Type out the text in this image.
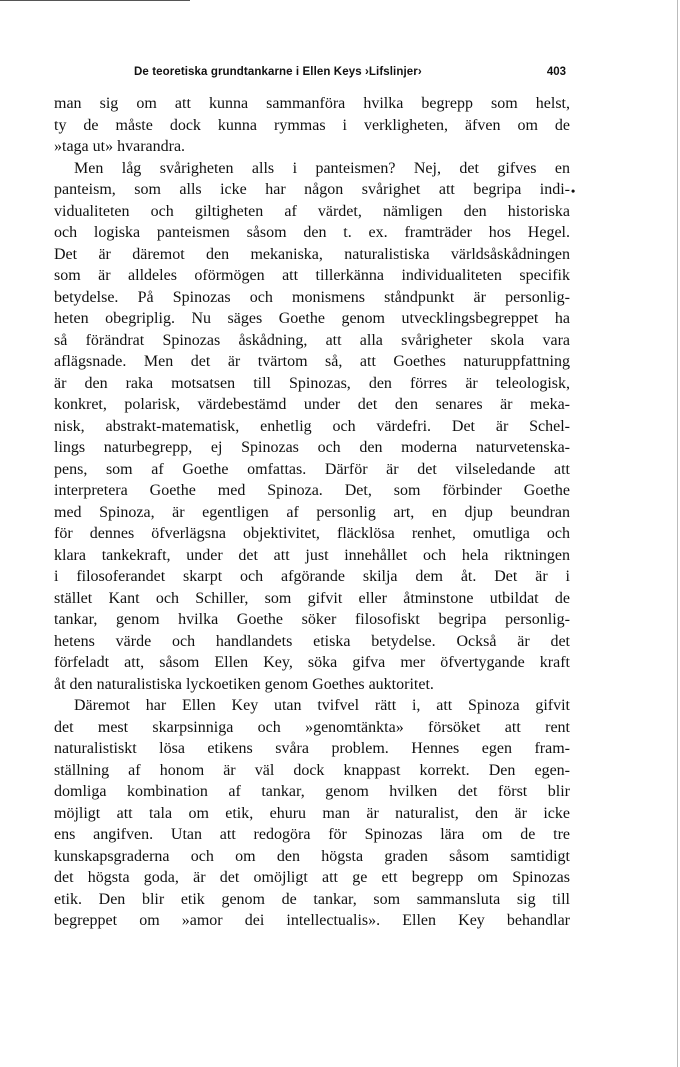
•
De teoretiska grundtankarne i Ellen Keys ›Lifslinjer›	403
man sig om att kunna sammanföra hvilka begrepp som helst,
ty de måste dock kunna rymmas i verkligheten, äfven om de
»taga ut» hvarandra.
Men låg svårigheten alls i panteismen? Nej, det gifves en
panteism, som alls icke har någon svårighet att begripa indi-
vidualiteten och giltigheten af värdet, nämligen den historiska
och logiska panteismen såsom den t. ex. framträder hos Hegel.
Det är däremot den mekaniska, naturalistiska världsåskådningen
som är alldeles oförmögen att tillerkänna individualiteten specifik
betydelse. På Spinozas och monismens ståndpunkt är personlig-
heten obegriplig. Nu säges Goethe genom utvecklingsbegreppet ha
så förändrat Spinozas åskådning, att alla svårigheter skola vara
aflägsnade. Men det är tvärtom så, att Goethes naturuppfattning
är den raka motsatsen till Spinozas, den förres är teleologisk,
konkret, polarisk, värdebestämd under det den senares är meka-
nisk, abstrakt-matematisk, enhetlig och värdefri. Det är Schel-
lings naturbegrepp, ej Spinozas och den moderna naturvetenska-
pens, som af Goethe omfattas. Därför är det vilseledande att
interpretera Goethe med Spinoza. Det, som förbinder Goethe
med Spinoza, är egentligen af personlig art, en djup beundran
för dennes öfverlägsna objektivitet, fläcklösa renhet, omutliga och
klara tankekraft, under det att just innehållet och hela riktningen
i filosoferandet skarpt och afgörande skilja dem åt. Det är i
stället Kant och Schiller, som gifvit eller åtminstone utbildat de
tankar, genom hvilka Goethe söker filosofiskt begripa personlig-
hetens värde och handlandets etiska betydelse. Också är det
förfeladt att, såsom Ellen Key, söka gifva mer öfvertygande kraft
åt den naturalistiska lyckoetiken genom Goethes auktoritet.
Däremot har Ellen Key utan tvifvel rätt i, att Spinoza gifvit
det mest skarpsinniga och »genomtänkta» försöket att rent
naturalistiskt lösa etikens svåra problem. Hennes egen fram-
ställning af honom är väl dock knappast korrekt. Den egen-
domliga kombination af tankar, genom hvilken det först blir
möjligt att tala om etik, ehuru man är naturalist, den är icke
ens angifven. Utan att redogöra för Spinozas lära om de tre
kunskapsgraderna och om den högsta graden såsom samtidigt
det högsta goda, är det omöjligt att ge ett begrepp om Spinozas
etik. Den blir etik genom de tankar, som sammansluta sig till
begreppet om »amor dei intellectualis». Ellen Key behandlar
